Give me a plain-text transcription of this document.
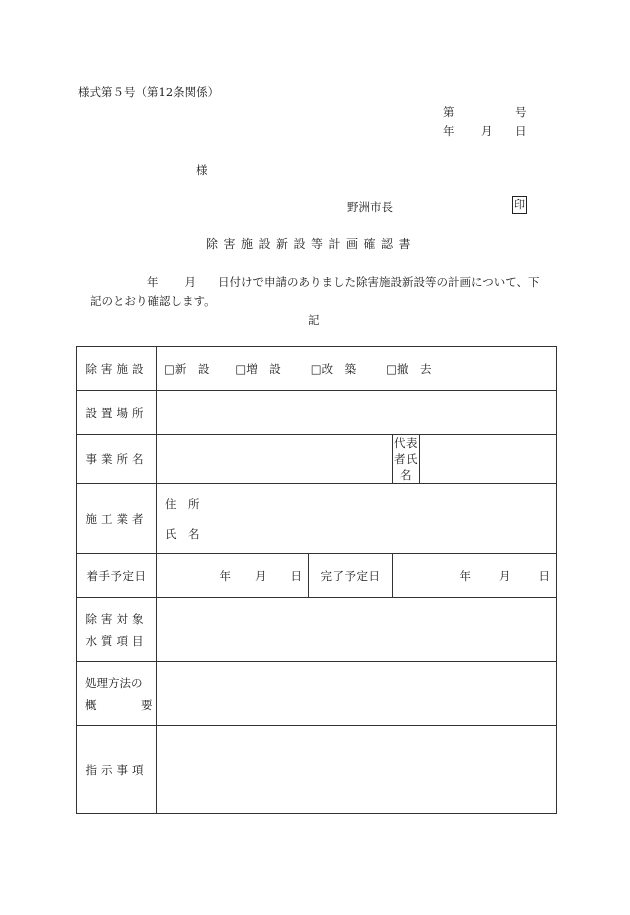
様式第５号（第12条関係）
第	号
年 月 日
様
野洲市長	印
除害施設新設等計画確認書
年 月 日付けで申請のありました除害施設新設等の計画について、下
記のとおり確認します。
記
除害施設	□新　設 □増　設 □改　築 □撤　去			
設置場所				
事業所名			代表者氏名	
施工業者	住　所
氏　名			

着手予定日	年 月 日	完了予定日	年 月 日	

除害対象
水質項目				

処理方法の
概 要				

指示事項				
